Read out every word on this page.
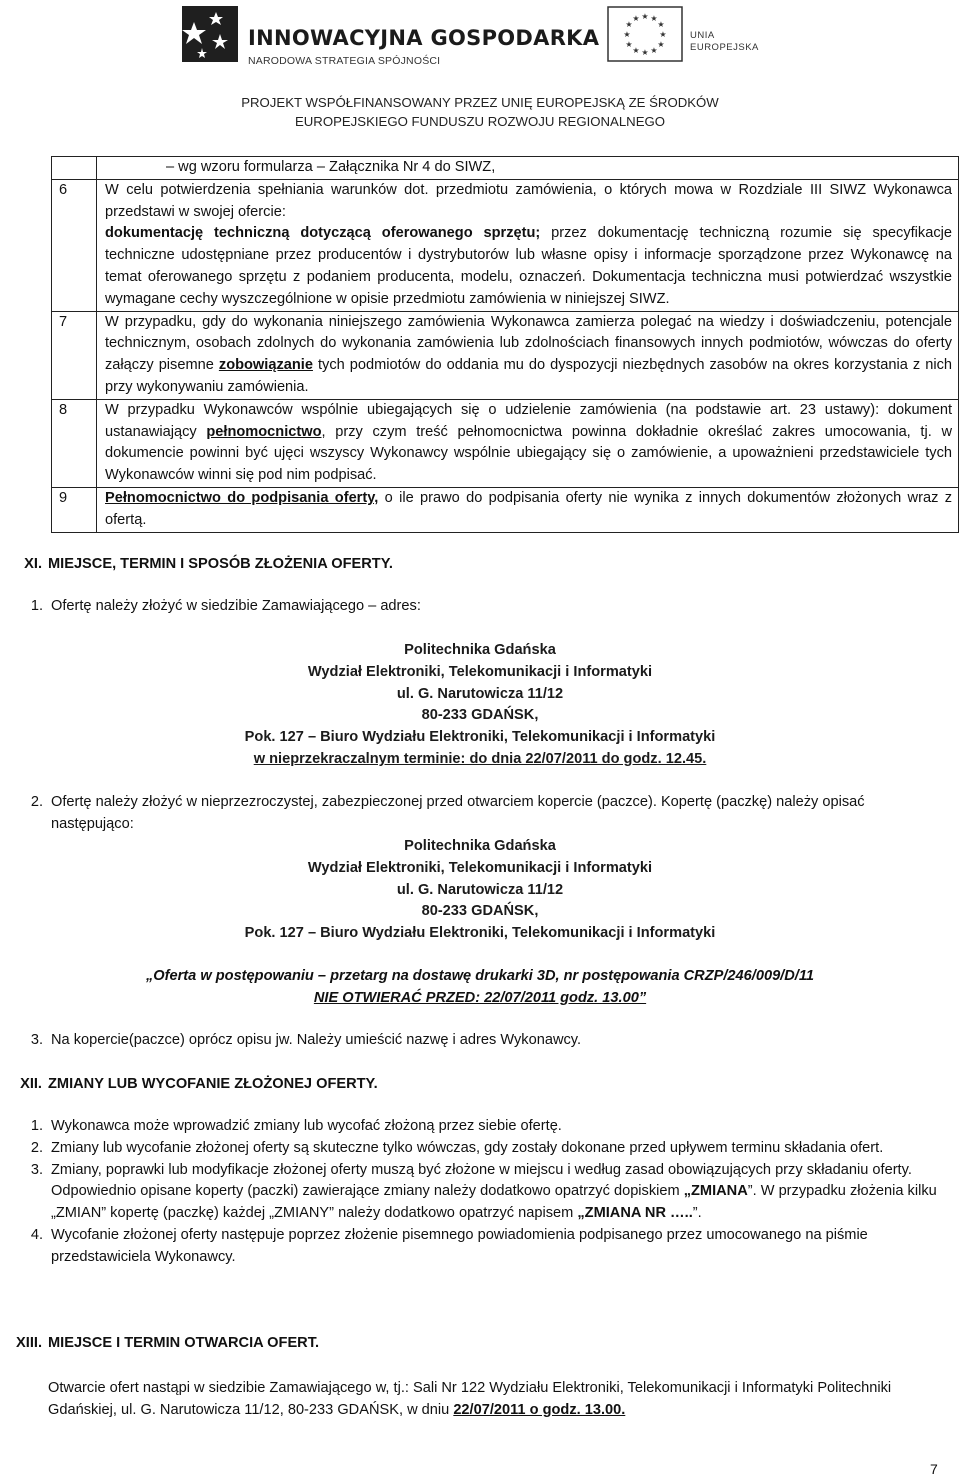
INNOWACYJNA GOSPODARKA
NARODOWA STRATEGIA SPÓJNOŚCI
★ ★
★
★
★
★
★
★
★
★
★
★
UNIA
EUROPEJSKA
PROJEKT WSPÓŁFINANSOWANY PRZEZ UNIĘ EUROPEJSKĄ ZE ŚRODKÓW
EUROPEJSKIEGO FUNDUSZU ROZWOJU REGIONALNEGO
– wg wzoru formularza – Załącznika Nr 4 do SIWZ,
6	W celu potwierdzenia spełniania warunków dot. przedmiotu zamówienia, o których mowa w Rozdziale III SIWZ Wykonawca przedstawi w swojej ofercie:

dokumentację techniczną dotyczącą oferowanego sprzętu; przez dokumentację techniczną rozumie się specyfikacje techniczne udostępniane przez producentów i dystrybutorów lub własne opisy i informacje sporządzone przez Wykonawcę na temat oferowanego sprzętu z podaniem producenta, modelu, oznaczeń. Dokumentacja techniczna musi potwierdzać wszystkie wymagane cechy wyszczególnione w opisie przedmiotu zamówienia w niniejszej SIWZ.

7	W przypadku, gdy do wykonania niniejszego zamówienia Wykonawca zamierza polegać na wiedzy i doświadczeniu, potencjale technicznym, osobach zdolnych do wykonania zamówienia lub zdolnościach finansowych innych podmiotów, wówczas do oferty załączy pisemne zobowiązanie tych podmiotów do oddania mu do dyspozycji niezbędnych zasobów na okres korzystania z nich przy wykonywaniu zamówienia.
8	W przypadku Wykonawców wspólnie ubiegających się o udzielenie zamówienia (na podstawie art. 23 ustawy): dokument ustanawiający pełnomocnictwo, przy czym treść pełnomocnictwa powinna dokładnie określać zakres umocowania, tj. w dokumencie powinni być ujęci wszyscy Wykonawcy wspólnie ubiegający się o zamówienie, a upoważnieni przedstawiciele tych Wykonawców winni się pod nim podpisać.
9	Pełnomocnictwo do podpisania oferty, o ile prawo do podpisania oferty nie wynika z innych dokumentów złożonych wraz z ofertą.
XI. MIEJSCE, TERMIN I SPOSÓB ZŁOŻENIA OFERTY.
1. Ofertę należy złożyć w siedzibie Zamawiającego – adres:
Politechnika Gdańska
Wydział Elektroniki, Telekomunikacji i Informatyki
ul. G. Narutowicza 11/12
80-233 GDAŃSK,
Pok. 127 – Biuro Wydziału Elektroniki, Telekomunikacji i Informatyki
w nieprzekraczalnym terminie: do dnia 22/07/2011 do godz. 12.45.
2. Ofertę należy złożyć w nieprzezroczystej, zabezpieczonej przed otwarciem kopercie (paczce). Kopertę (paczkę) należy opisać następująco:
Politechnika Gdańska
Wydział Elektroniki, Telekomunikacji i Informatyki
ul. G. Narutowicza 11/12
80-233 GDAŃSK,
Pok. 127 – Biuro Wydziału Elektroniki, Telekomunikacji i Informatyki
„Oferta w postępowaniu – przetarg na dostawę drukarki 3D, nr postępowania CRZP/246/009/D/11
NIE OTWIERAĆ PRZED: 22/07/2011 godz. 13.00”
3. Na kopercie(paczce) oprócz opisu jw. Należy umieścić nazwę i adres Wykonawcy.
XII. ZMIANY LUB WYCOFANIE ZŁOŻONEJ OFERTY.
1. Wykonawca może wprowadzić zmiany lub wycofać złożoną przez siebie ofertę.
2. Zmiany lub wycofanie złożonej oferty są skuteczne tylko wówczas, gdy zostały dokonane przed upływem terminu składania ofert.
3. Zmiany, poprawki lub modyfikacje złożonej oferty muszą być złożone w miejscu i według zasad obowiązujących przy składaniu oferty. Odpowiednio opisane koperty (paczki) zawierające zmiany należy dodatkowo opatrzyć dopiskiem „ZMIANA”. W przypadku złożenia kilku „ZMIAN” kopertę (paczkę) każdej „ZMIANY” należy dodatkowo opatrzyć napisem „ZMIANA NR …..”.
4. Wycofanie złożonej oferty następuje poprzez złożenie pisemnego powiadomienia podpisanego przez umocowanego na piśmie przedstawiciela Wykonawcy.
XIII. MIEJSCE I TERMIN OTWARCIA OFERT.
Otwarcie ofert nastąpi w siedzibie Zamawiającego w, tj.: Sali Nr 122 Wydziału Elektroniki, Telekomunikacji i Informatyki Politechniki Gdańskiej, ul. G. Narutowicza 11/12, 80-233 GDAŃSK, w dniu 22/07/2011 o godz. 13.00.
7
